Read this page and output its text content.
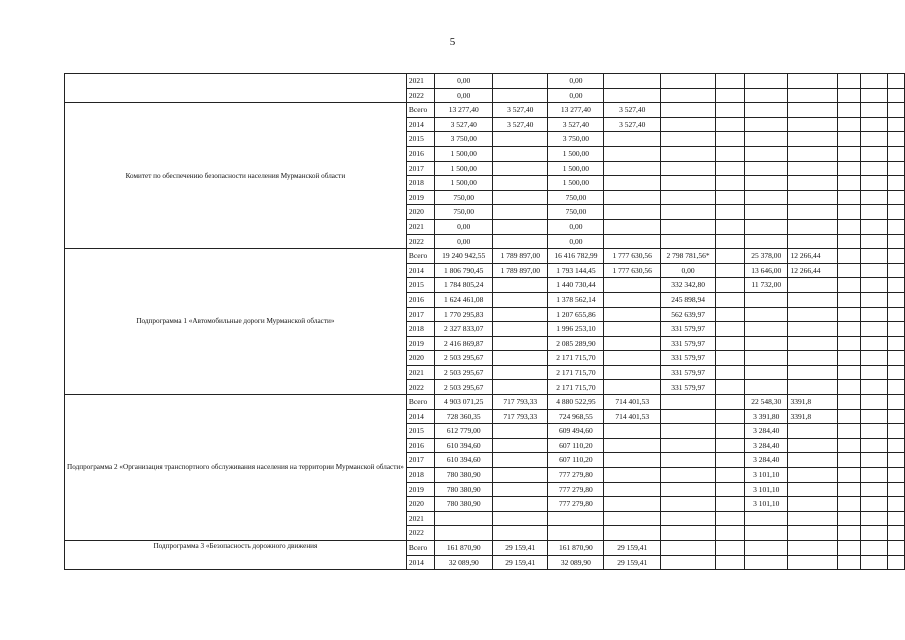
5
	2021	0,00		0,00								
	2022	0,00		0,00								
Комитет по обеспечению безопасности населения Мурманской области	Всего	13 277,40	3 527,40	13 277,40	3 527,40							
	2014	3 527,40	3 527,40	3 527,40	3 527,40							
	2015	3 750,00		3 750,00								
	2016	1 500,00		1 500,00								
	2017	1 500,00		1 500,00								
	2018	1 500,00		1 500,00								
	2019	750,00		750,00								
	2020	750,00		750,00								
	2021	0,00		0,00								
	2022	0,00		0,00								
Подпрограмма 1 «Автомобильные дороги Мурманской области»	Всего	19 240 942,55	1 789 897,00	16 416 782,99	1 777 630,56	2 798 781,56*		25 378,00	12 266,44			
	2014	1 806 790,45	1 789 897,00	1 793 144,45	1 777 630,56	0,00		13 646,00	12 266,44			
	2015	1 784 805,24		1 440 730,44		332 342,80		11 732,00				
	2016	1 624 461,08		1 378 562,14		245 898,94						
	2017	1 770 295,83		1 207 655,86		562 639,97						
	2018	2 327 833,07		1 996 253,10		331 579,97						
	2019	2 416 869,87		2 085 289,90		331 579,97						
	2020	2 503 295,67		2 171 715,70		331 579,97						
	2021	2 503 295,67		2 171 715,70		331 579,97						
	2022	2 503 295,67		2 171 715,70		331 579,97						
Подпрограмма 2 «Организация транспортного обслуживания населения на территории Мурманской области»	Всего	4 903 071,25	717 793,33	4 880 522,95	714 401,53			22 548,30	3391,8			
	2014	728 360,35	717 793,33	724 968,55	714 401,53			3 391,80	3391,8			
	2015	612 779,00		609 494,60				3 284,40				
	2016	610 394,60		607 110,20				3 284,40				
	2017	610 394,60		607 110,20				3 284,40				
	2018	780 380,90		777 279,80				3 101,10				
	2019	780 380,90		777 279,80				3 101,10				
	2020	780 380,90		777 279,80				3 101,10				
	2021											
	2022											
Подпрограмма 3 «Безопасность дорожного движения	Всего	161 870,90	29 159,41	161 870,90	29 159,41							
	2014	32 089,90	29 159,41	32 089,90	29 159,41							
